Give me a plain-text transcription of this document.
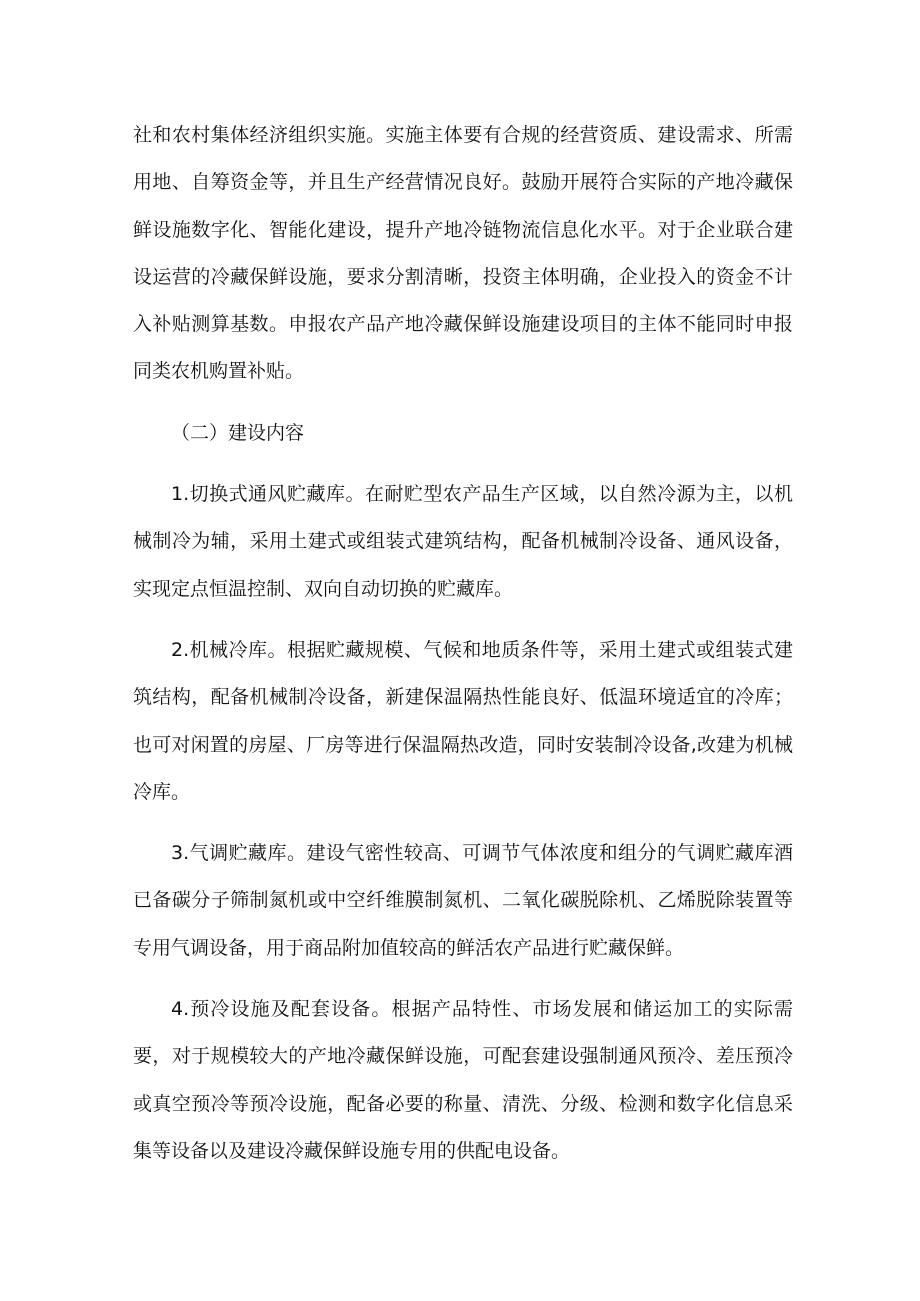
社和农村集体经济组织实施。实施主体要有合规的经营资质、建设需求、所需用地、自筹资金等，并且生产经营情况良好。鼓励开展符合实际的产地冷藏保鲜设施数字化、智能化建设，提升产地冷链物流信息化水平。对于企业联合建设运营的冷藏保鲜设施，要求分割清晰，投资主体明确，企业投入的资金不计入补贴测算基数。申报农产品产地冷藏保鲜设施建设项目的主体不能同时申报同类农机购置补贴。

（二）建设内容

1.切换式通风贮藏库。在耐贮型农产品生产区域，以自然冷源为主，以机械制冷为辅，采用土建式或组装式建筑结构，配备机械制冷设备、通风设备，实现定点恒温控制、双向自动切换的贮藏库。

2.机械冷库。根据贮藏规模、气候和地质条件等，采用土建式或组装式建筑结构，配备机械制冷设备，新建保温隔热性能良好、低温环境适宜的冷库；也可对闲置的房屋、厂房等进行保温隔热改造，同时安装制冷设备,改建为机械冷库。

3.气调贮藏库。建设气密性较高、可调节气体浓度和组分的气调贮藏库酒已备碳分子筛制氮机或中空纤维膜制氮机、二氧化碳脱除机、乙烯脱除装置等专用气调设备，用于商品附加值较高的鲜活农产品进行贮藏保鲜。

4.预冷设施及配套设备。根据产品特性、市场发展和储运加工的实际需要，对于规模较大的产地冷藏保鲜设施，可配套建设强制通风预冷、差压预冷或真空预冷等预冷设施，配备必要的称量、清洗、分级、检测和数字化信息采集等设备以及建设冷藏保鲜设施专用的供配电设备。
